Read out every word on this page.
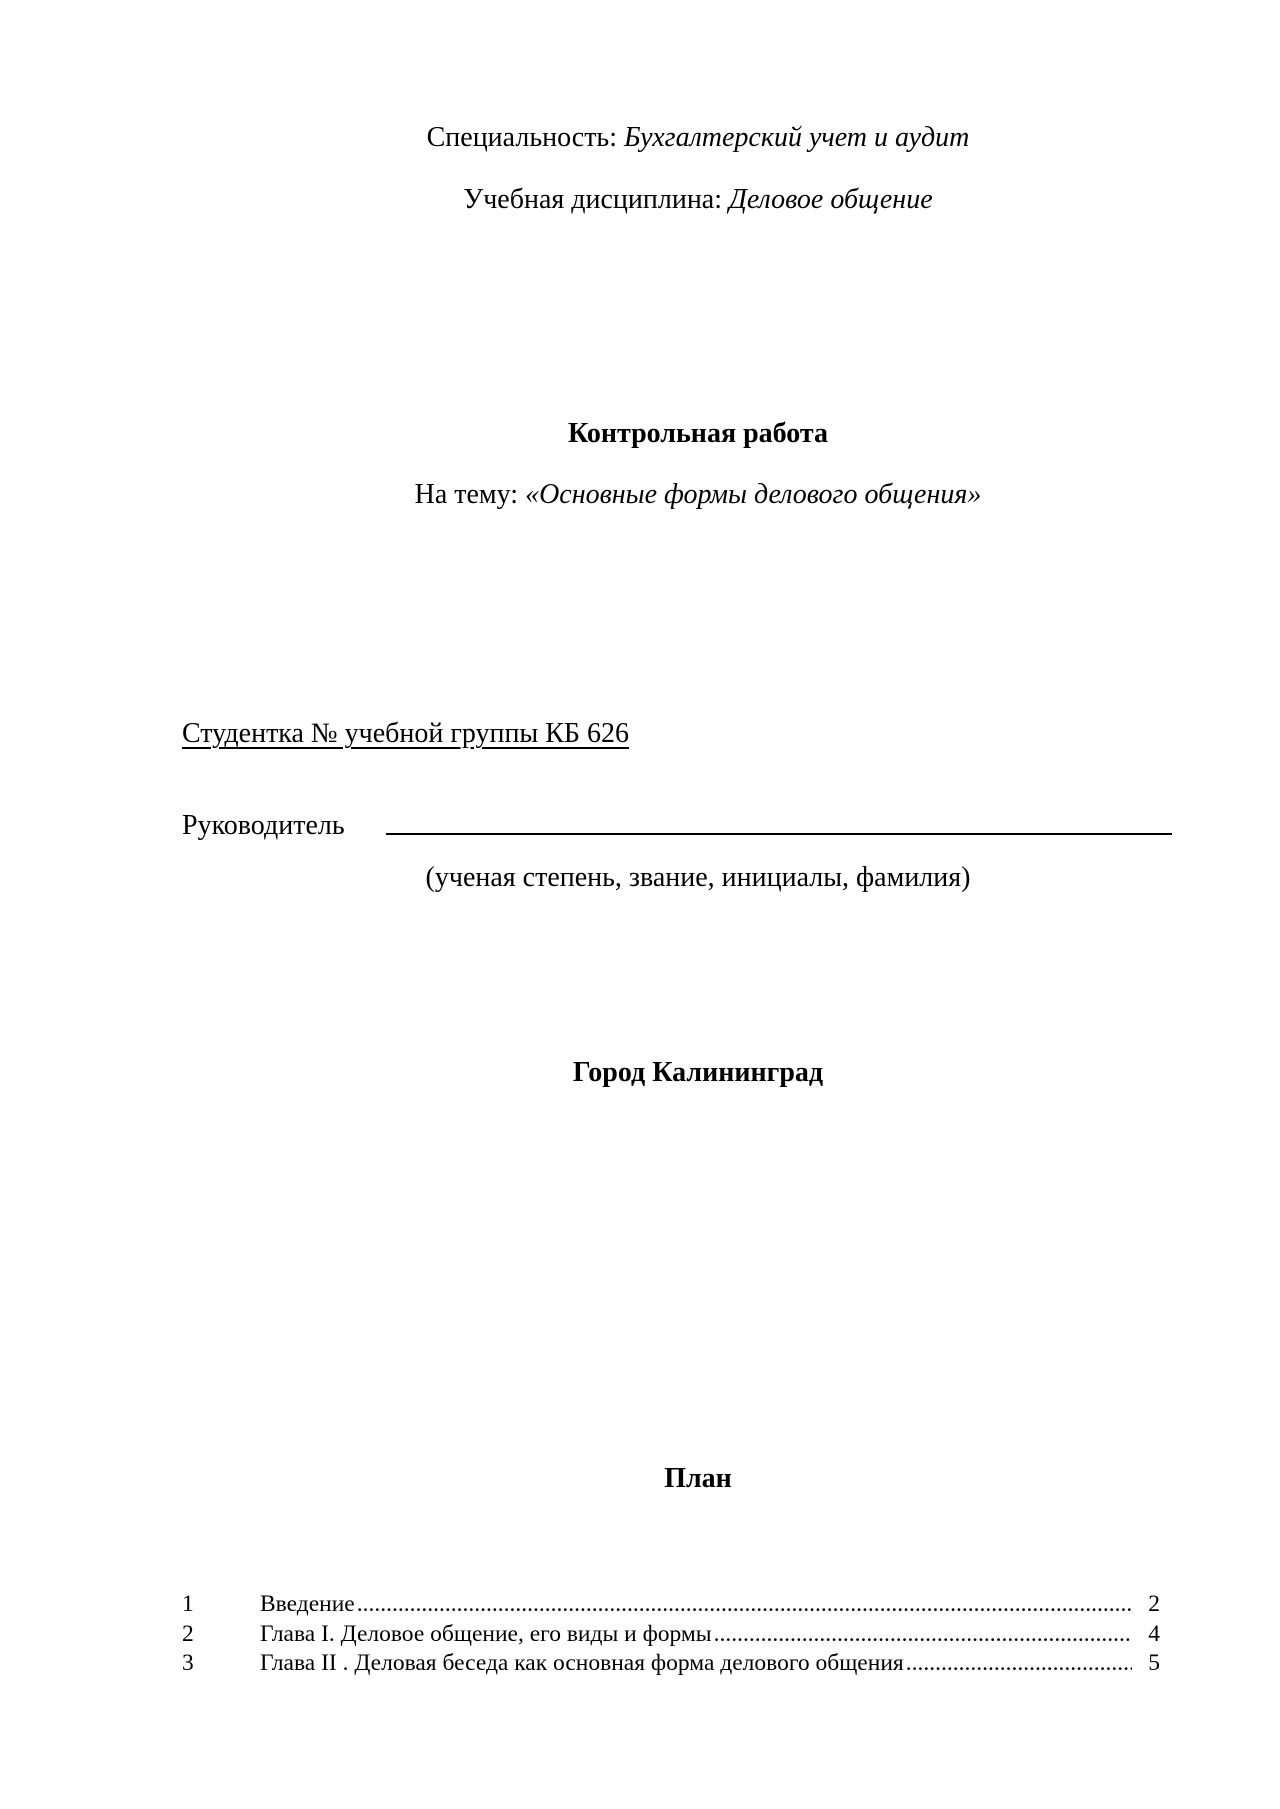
Специальность: Бухгалтерский учет и аудит
Учебная дисциплина: Деловое общение
Контрольная работа
На тему: «Основные формы делового общения»
Студентка № учебной группы КБ 626
Руководитель
(ученая степень, звание, инициалы, фамилия)
Город Калининград
План
1	Введение .....	2
2	Глава I. Деловое общение, его виды и формы .....	4
3	Глава II . Деловая беседа как основная форма делового общения .....	5
